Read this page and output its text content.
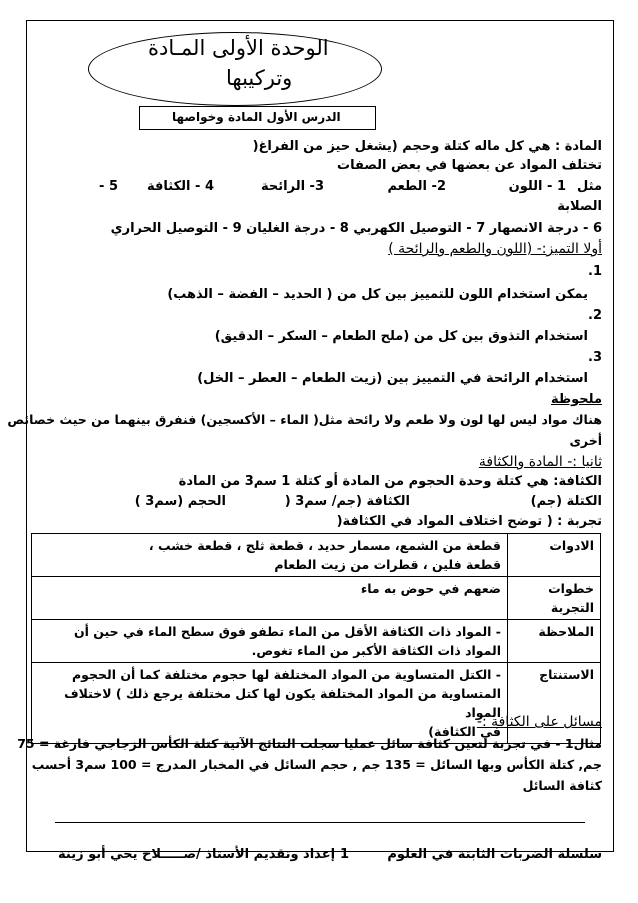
الوحدة الأولى المـادة
وتركيبها
الدرس الأول المادة وخواصها
المادة : هي كل ماله كتلة وحجم (يشغل حيز من الفراغ(
تختلف المواد عن بعضها في بعض الصفات
مثل
1 - اللون
2- الطعم
3- الرائحة
4 - الكثافة
5 -
الصلابة
6 - درجة الانصهار 7 - التوصيل الكهربي 8 - درجة الغليان 9 - التوصيل الحراري
أولا التميز:- (اللون والطعم والرائحة )
1.
يمكن استخدام اللون للتمييز بين كل من ( الحديد – الفضة – الذهب)
2.
استخدام التذوق بين كل من (ملح الطعام – السكر – الدقيق)
3.
استخدام الرائحة في التمييز بين (زيت الطعام – العطر – الخل)
ملحوظة
هناك مواد ليس لها لون ولا طعم ولا رائحة مثل( الماء – الأكسجين) فنفرق بينهما من حيث خصائص
أخرى
ثانيا :- المادة والكثافة
الكثافة: هي كتلة وحدة الحجوم من المادة أو كتلة 1 سم3 من المادة
الكتلة (جم)
الكثافة (جم/ سم3 (
الحجم (سم3 )
تجربة : ( توضح اختلاف المواد في الكثافة(
الادوات	قطعة من الشمع، مسمار حديد ، قطعة ثلج ، قطعة خشب ،
قطعة فلين ، قطرات من زيت الطعام

خطوات التجربة	ضعهم في حوض به ماء

الملاحظة	- المواد ذات الكثافة الأقل من الماء تطفو فوق سطح الماء في حين أن
المواد ذات الكثافة الأكبر من الماء تغوص.

الاستنتاج	- الكتل المتساوية من المواد المختلفة لها حجوم مختلفة كما أن الحجوم
المتساوية من المواد المختلفة يكون لها كتل مختلفة يرجع ذلك ) لاختلاف المواد
في الكثافة)
مسائل على الكثافة :-
مثال1 - في تجربة لتعين كثافة سائل عمليا سجلت النتائج الآتية كتلة الكأس الزجاجي فارغة = 75
جم, كتلة الكأس وبها السائل = 135 جم , حجم السائل في المخبار المدرج = 100 سم3 أحسب
كثافة السائل
سلسلة الضربات الثابتة في العلوم
1
إعداد وتقديم الأستاذ /صـــــلاح يحي أبو زينة
